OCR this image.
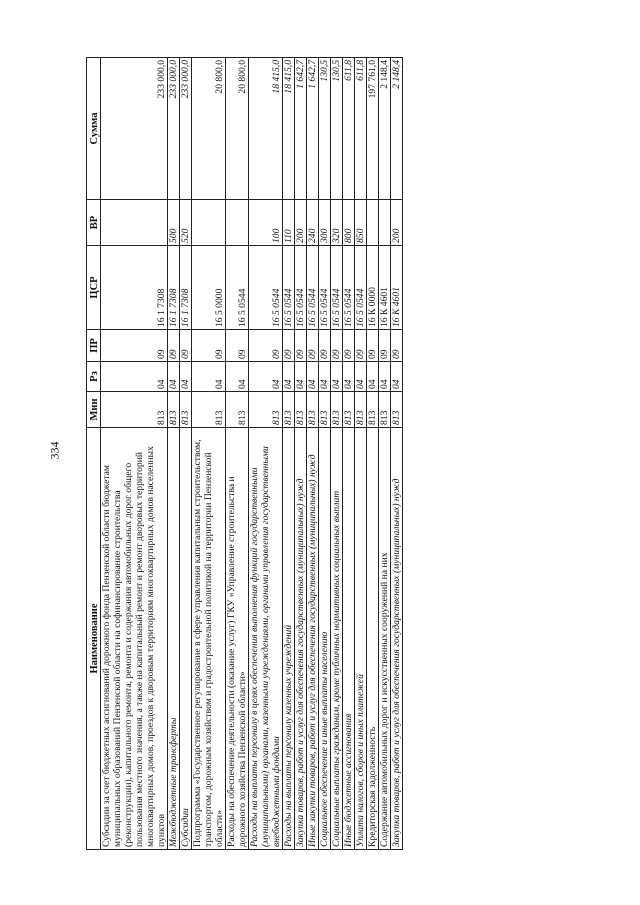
334
Наименование	Мин	Рз	ПР	ЦСР	ВР	Сумма
Субсидии за счет бюджетных ассигнований дорожного фонда Пензенской области бюджетам муниципальных образований Пензенской области на софинансирование строительства (реконструкции), капитального ремонта, ремонта и содержания автомобильных дорог общего пользования местного значения, а также на капитальный ремонт и ремонт дворовых территорий многоквартирных домов, проездов к дворовым территориям многоквартирных домов населенных пунктов	813	04	09	16 1 7308		233 000,0
Межбюджетные трансферты	813	04	09	16 1 7308	500	233 000,0
Субсидии	813	04	09	16 1 7308	520	233 000,0
Подпрограмма «Государственное регулирование в сфере управления капитальным строительством, транспортом, дорожным хозяйством и градостроительной политикой на территории Пензенской области»	813	04	09	16 5 0000		20 800,0
Расходы на обеспечение деятельности (оказание услуг) ГКУ «Управление строительства и дорожного хозяйства Пензенской области»	813	04	09	16 5 0544		20 800,0
Расходы на выплаты персоналу в целях обеспечения выполнения функций государственными (муниципальными) органами, казенными учреждениями, органами управления государственными внебюджетными фондами	813	04	09	16 5 0544	100	18 415,0
Расходы на выплаты персоналу казенных учреждений	813	04	09	16 5 0544	110	18 415,0
Закупка товаров, работ и услуг для обеспечения государственных (муниципальных) нужд	813	04	09	16 5 0544	200	1 642,7
Иные закупки товаров, работ и услуг для обеспечения государственных (муниципальных) нужд	813	04	09	16 5 0544	240	1 642,7
Социальное обеспечение и иные выплаты населению	813	04	09	16 5 0544	300	130,5
Социальные выплаты гражданам, кроме публичных нормативных социальных выплат	813	04	09	16 5 0544	320	130,5
Иные бюджетные ассигнования	813	04	09	16 5 0544	800	611,8
Уплата налогов, сборов и иных платежей	813	04	09	16 5 0544	850	611,8
Кредиторская задолженность	813	04	09	16 К 0000		197 761,0
Содержание автомобильных дорог и искусственных сооружений на них	813	04	09	16 К 4601		2 148,4
Закупка товаров, работ и услуг для обеспечения государственных (муниципальных) нужд	813	04	09	16 К 4601	200	2 148,4
